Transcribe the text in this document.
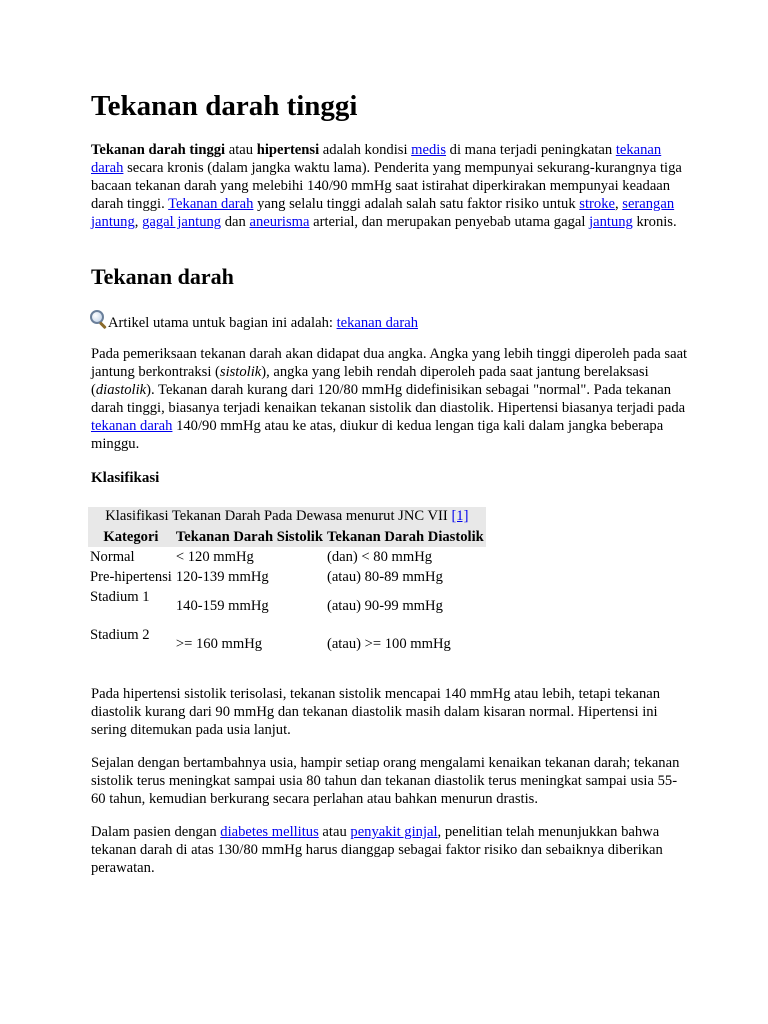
Tekanan darah tinggi

Tekanan darah tinggi atau hipertensi adalah kondisi medis di mana terjadi peningkatan tekanan darah secara kronis (dalam jangka waktu lama). Penderita yang mempunyai sekurang-kurangnya tiga bacaan tekanan darah yang melebihi 140/90 mmHg saat istirahat diperkirakan mempunyai keadaan darah tinggi. Tekanan darah yang selalu tinggi adalah salah satu faktor risiko untuk stroke, serangan jantung, gagal jantung dan aneurisma arterial, dan merupakan penyebab utama gagal jantung kronis.

Tekanan darah

Artikel utama untuk bagian ini adalah: tekanan darah

Pada pemeriksaan tekanan darah akan didapat dua angka. Angka yang lebih tinggi diperoleh pada saat jantung berkontraksi (sistolik), angka yang lebih rendah diperoleh pada saat jantung berelaksasi (diastolik). Tekanan darah kurang dari 120/80 mmHg didefinisikan sebagai "normal". Pada tekanan darah tinggi, biasanya terjadi kenaikan tekanan sistolik dan diastolik. Hipertensi biasanya terjadi pada tekanan darah 140/90 mmHg atau ke atas, diukur di kedua lengan tiga kali dalam jangka beberapa minggu.

Klasifikasi
Klasifikasi Tekanan Darah Pada Dewasa menurut JNC VII [1]
Kategori	Tekanan Darah Sistolik	Tekanan Darah Diastolik
Normal	< 120 mmHg	(dan) < 80 mmHg
Pre-hipertensi	120-139 mmHg	(atau) 80-89 mmHg
Stadium 1	140-159 mmHg	(atau) 90-99 mmHg
Stadium 2	>= 160 mmHg	(atau) >= 100 mmHg

Pada hipertensi sistolik terisolasi, tekanan sistolik mencapai 140 mmHg atau lebih, tetapi tekanan diastolik kurang dari 90 mmHg dan tekanan diastolik masih dalam kisaran normal. Hipertensi ini sering ditemukan pada usia lanjut.

Sejalan dengan bertambahnya usia, hampir setiap orang mengalami kenaikan tekanan darah; tekanan sistolik terus meningkat sampai usia 80 tahun dan tekanan diastolik terus meningkat sampai usia 55-60 tahun, kemudian berkurang secara perlahan atau bahkan menurun drastis.

Dalam pasien dengan diabetes mellitus atau penyakit ginjal, penelitian telah menunjukkan bahwa tekanan darah di atas 130/80 mmHg harus dianggap sebagai faktor risiko dan sebaiknya diberikan perawatan.
